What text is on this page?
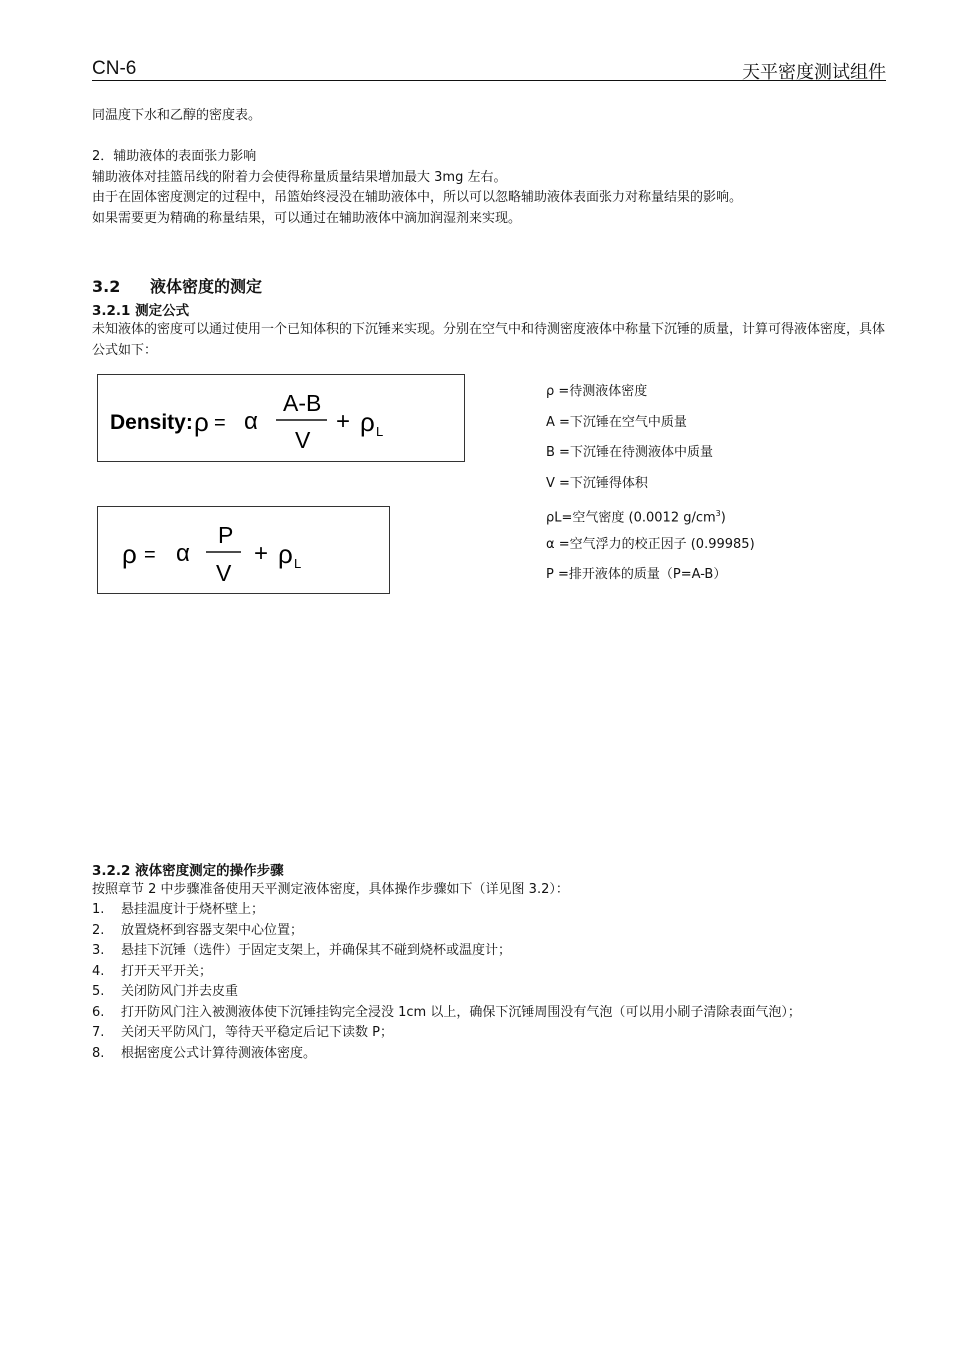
CN-6	天平密度测试组件

同温度下水和乙醇的密度表。

2．辅助液体的表面张力影响

辅助液体对挂篮吊线的附着力会使得称量质量结果增加最大 3mg 左右。

由于在固体密度测定的过程中，吊篮始终浸没在辅助液体中，所以可以忽略辅助液体表面张力对称量结果的影响。

如果需要更为精确的称量结果，可以通过在辅助液体中滴加润湿剂来实现。

3.2 液体密度的测定
3.2.1 测定公式

未知液体的密度可以通过使用一个已知体积的下沉锤来实现。分别在空气中和待测密度液体中称量下沉锤的质量，计算可得液体密度，具体公式如下：

Density: ρ = α
A-B
V
+ ρ L
ρ = α
P
V
+ ρ L
ρ =待测液体密度
A =下沉锤在空气中质量
B =下沉锤在待测液体中质量
V =下沉锤得体积
ρL=空气密度 (0.0012 $g/cm^3$)
α =空气浮力的校正因子 (0.99985)
P =排开液体的质量（P=A-B）
3.2.2 液体密度测定的操作步骤

按照章节 2 中步骤准备使用天平测定液体密度，具体操作步骤如下（详见图 3.2）：

1. 悬挂温度计于烧杯壁上；
2. 放置烧杯到容器支架中心位置；
3. 悬挂下沉锤（选件）于固定支架上，并确保其不碰到烧杯或温度计；
4. 打开天平开关；
5. 关闭防风门并去皮重
6. 打开防风门注入被测液体使下沉锤挂钩完全浸没 1cm 以上，确保下沉锤周围没有气泡（可以用小刷子清除表面气泡）；
7. 关闭天平防风门，等待天平稳定后记下读数 P；
8. 根据密度公式计算待测液体密度。
